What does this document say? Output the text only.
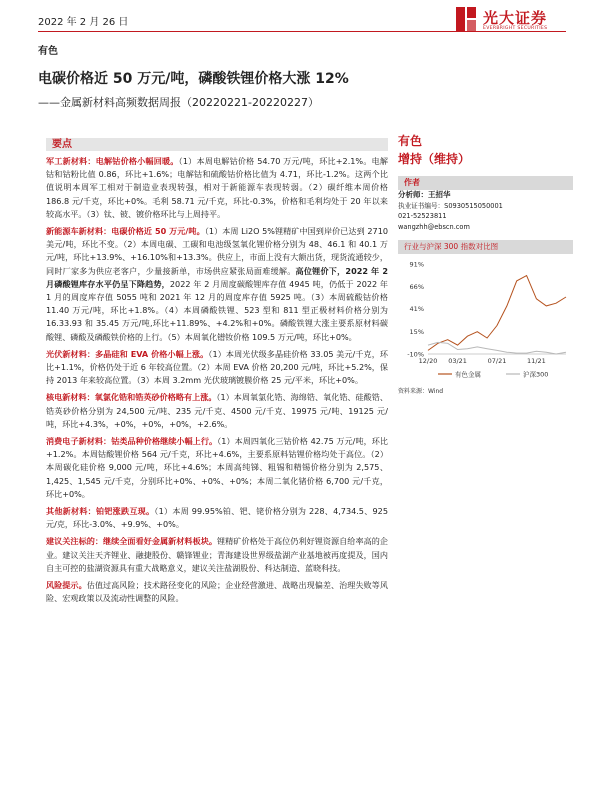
2022 年 2 月 26 日	光大证券
EVERBRIGHT SECURITIES
有色
电碳价格近 50 万元/吨，磷酸铁锂价格大涨 12%
——金属新材料高频数据周报（20220221-20220227）
要点

军工新材料：电解钴价格小幅回暖。（1）本周电解钴价格 54.70 万元/吨，环比+2.1%。电解钴和钴粉比值 0.86，环比+1.6%；电解钴和硫酸钴价格比值为 4.71，环比-1.2%。这两个比值说明本周军工相对于制造业表现转强，相对于新能源车表现转弱。（2）碳纤维本周价格 186.8 元/千克，环比+0%。毛利 58.71 元/千克，环比-0.3%，价格和毛利均处于 20 年以来较高水平。（3）钛、铍、镀价格环比与上周持平。

新能源车新材料：电碳价格近 50 万元/吨。（1）本周 Li2O 5%锂精矿中国到岸价已达到 2710 美元/吨，环比不变。（2）本周电碳、工碳和电池级氢氧化锂价格分别为 48、46.1 和 40.1 万元/吨，环比+13.9%、+16.10%和+13.3%。供应上，市面上没有大额出货，现货流通较少，同时厂家多为供应老客户，少量接新单，市场供应紧张局面难缓解。高位锂价下，2022 年 2 月磷酸锂库存水平仍呈下降趋势，2022 年 2 月周度碳酸锂库存值 4945 吨，仍低于 2022 年 1 月的周度库存值 5055 吨和 2021 年 12 月的周度库存值 5925 吨。（3）本周硫酸钴价格 11.40 万元/吨，环比+1.8%。（4）本周磷酸铁锂、523 型和 811 型正极材料价格分别为 16.33.93 和 35.45 万元/吨,环比+11.89%、+4.2%和+0%。磷酸铁锂大涨主要系原材料碳酸锂、磷酸及磷酸铁价格的上行。（5）本周氧化镨钕价格 109.5 万元/吨，环比+0%。

光伏新材料：多晶硅和 EVA 价格小幅上涨。（1）本周光伏级多晶硅价格 33.05 美元/千克，环比+1.1%，价格仍处于近 6 年较高位置。（2）本周 EVA 价格 20,200 元/吨，环比+5.2%，保持 2013 年来较高位置。（3）本周 3.2mm 光伏玻璃镀膜价格 25 元/平米，环比+0%。

核电新材料：氧氯化锆和锆英砂价格略有上涨。（1）本周氧氯化锆、海绵锆、氧化锆、硅酸锆、锆英砂价格分别为 24,500 元/吨、235 元/千克、4500 元/千克、19975 元/吨、19125 元/吨，环比+4.3%，+0%，+0%，+0%，+2.6%。

消费电子新材料：钴类品种价格继续小幅上行。（1）本周四氧化三钴价格 42.75 万元/吨，环比+1.2%。本周钴酸锂价格 564 元/千克，环比+4.6%，主要系原料钴锂价格均处于高位。（2）本周碳化硅价格 9,000 元/吨，环比+4.6%；本周高纯锑、粗锡和精锡价格分别为 2,575、1,425、1,545 元/千克，分别环比+0%、+0%、+0%；本周二氧化锗价格 6,700 元/千克，环比+0%。

其他新材料：铂钯涨跌互现。（1）本周 99.95%铂、钯、铑价格分别为 228、4,734.5、925 元/克，环比-3.0%、+9.9%、+0%。

建议关注标的：继续全面看好金属新材料板块。锂精矿价格处于高位仍利好锂资源自给率高的企业。建议关注天齐锂业、融捷股份、赣锋锂业；青海建设世界级盐湖产业基地被再度提及，国内自主可控的盐湖资源具有重大战略意义，建议关注盐湖股份、科达制造、蓝晓科技。

风险提示。估值过高风险；技术路径变化的风险；企业经营激进、战略出现偏差、治理失败等风险、宏观政策以及流动性调整的风险。

有色
增持（维持）
作者
分析师：王招华
执业证书编号：S0930515050001
021-52523811
wangzhh@ebscn.com
行业与沪深 300 指数对比图
91%
66%
41%
15%
-10%
12/20 03/21	07/21	11/21
有色金属	沪深300
资料来源：Wind
